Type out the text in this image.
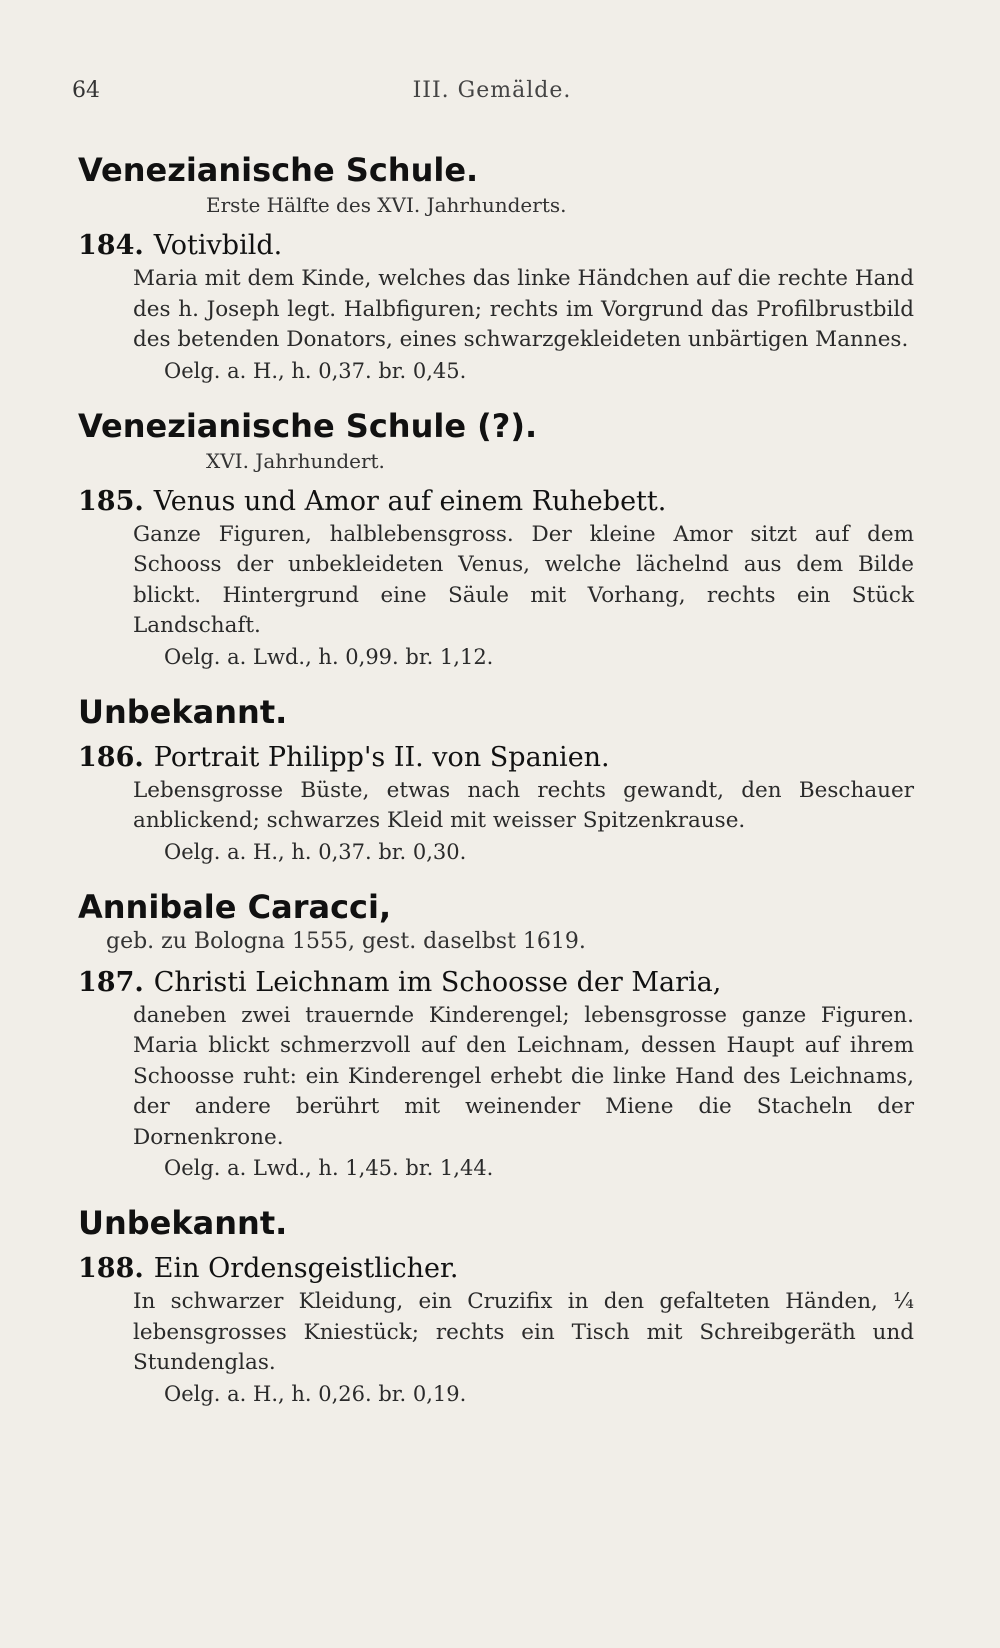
64	III. Gemälde.
Venezianische Schule.
Erste Hälfte des XVI. Jahrhunderts.
184. Votivbild.

Maria mit dem Kinde, welches das linke Händchen auf die rechte Hand des h. Joseph legt. Halbfiguren; rechts im Vorgrund das Profilbrustbild des betenden Donators, eines schwarzgekleideten unbärtigen Mannes.

Oelg. a. H., h. 0,37. br. 0,45.
Venezianische Schule (?).
XVI. Jahrhundert.
185. Venus und Amor auf einem Ruhebett.

Ganze Figuren, halblebensgross. Der kleine Amor sitzt auf dem Schooss der unbekleideten Venus, welche lächelnd aus dem Bilde blickt. Hintergrund eine Säule mit Vorhang, rechts ein Stück Landschaft.

Oelg. a. Lwd., h. 0,99. br. 1,12.
Unbekannt.
186. Portrait Philipp's II. von Spanien.

Lebensgrosse Büste, etwas nach rechts gewandt, den Beschauer anblickend; schwarzes Kleid mit weisser Spitzenkrause.

Oelg. a. H., h. 0,37. br. 0,30.
Annibale Caracci,
geb. zu Bologna 1555, gest. daselbst 1619.
187. Christi Leichnam im Schoosse der Maria,

daneben zwei trauernde Kinderengel; lebensgrosse ganze Figuren. Maria blickt schmerzvoll auf den Leichnam, dessen Haupt auf ihrem Schoosse ruht: ein Kinderengel erhebt die linke Hand des Leichnams, der andere berührt mit weinender Miene die Stacheln der Dornenkrone.

Oelg. a. Lwd., h. 1,45. br. 1,44.
Unbekannt.
188. Ein Ordensgeistlicher.

In schwarzer Kleidung, ein Cruzifix in den gefalteten Händen, ¼ lebensgrosses Kniestück; rechts ein Tisch mit Schreibgeräth und Stundenglas.

Oelg. a. H., h. 0,26. br. 0,19.
